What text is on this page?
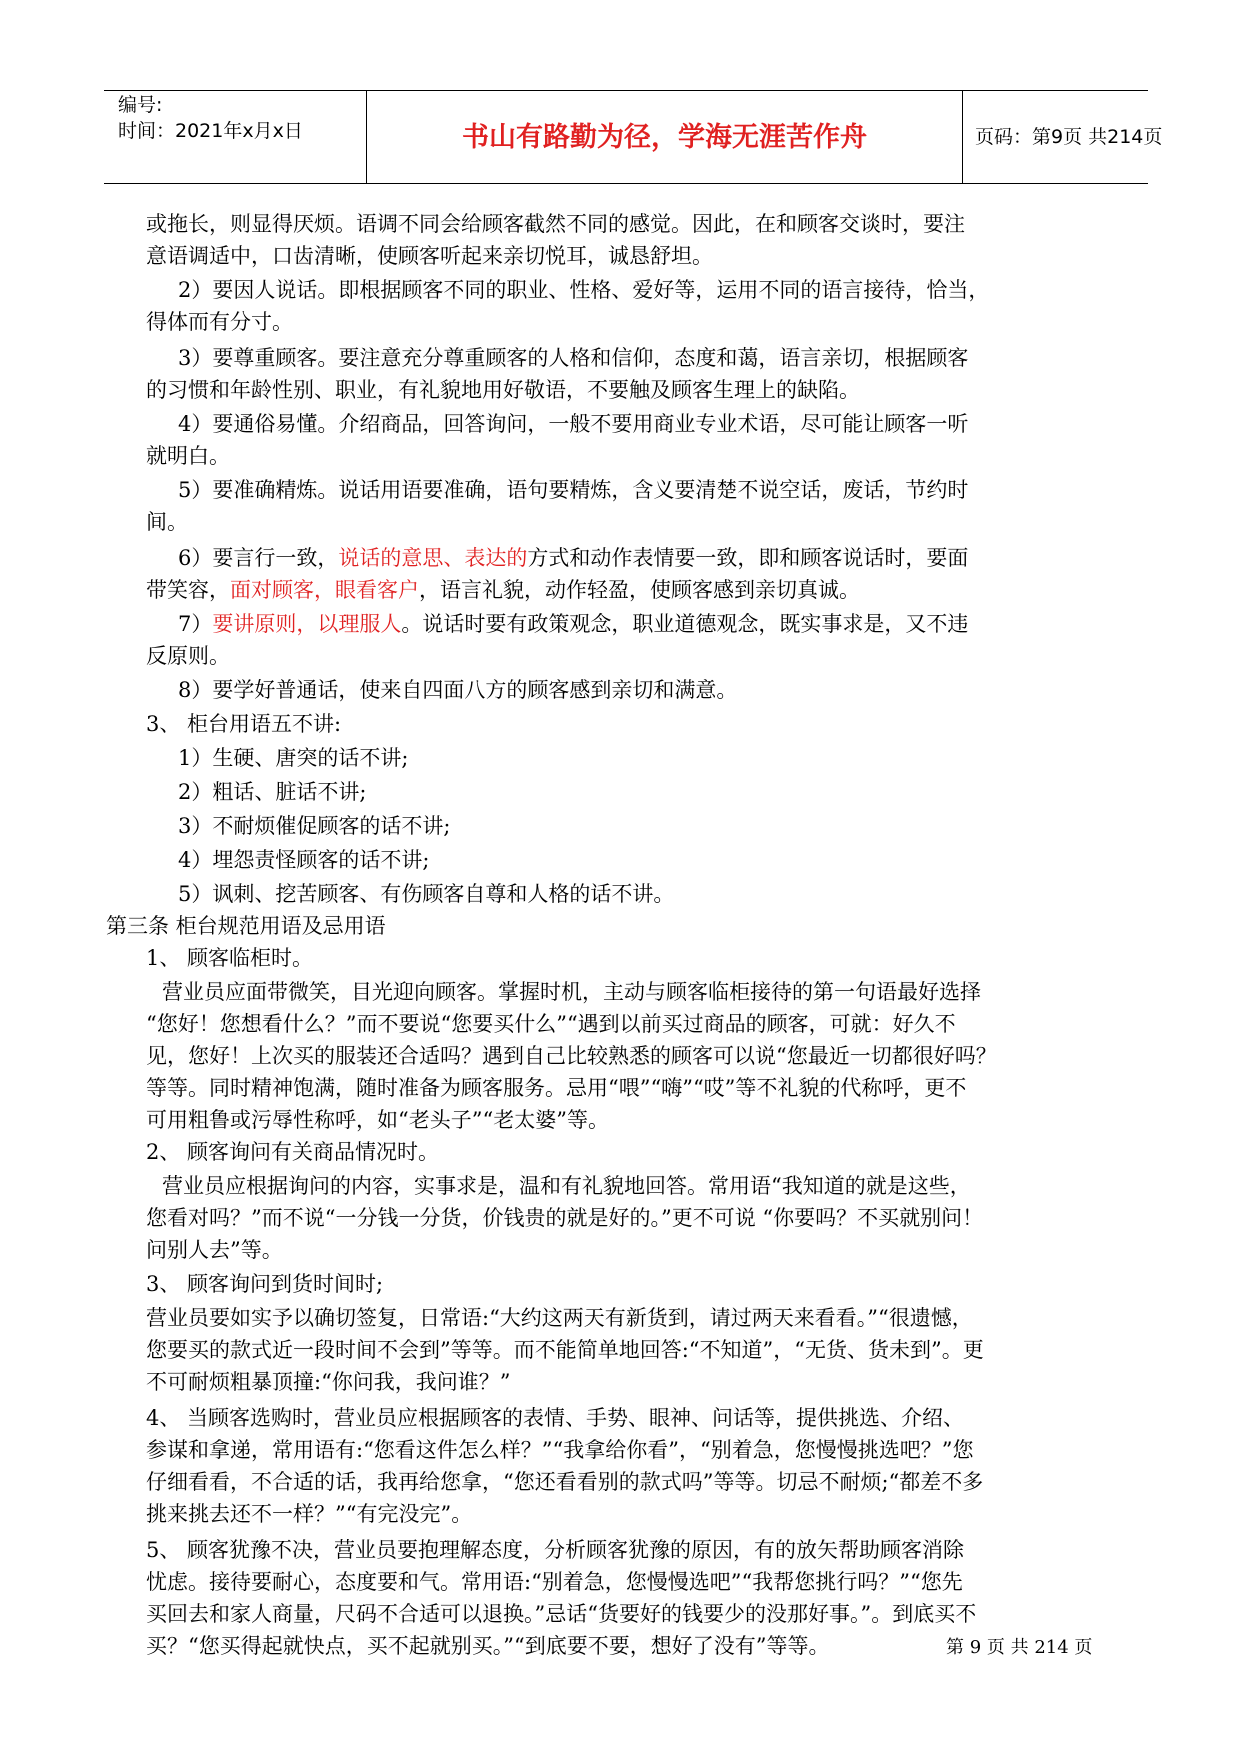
编号:
时间：2021年x月x日	书山有路勤为径，学海无涯苦作舟	页码：第9页 共214页
或拖长，则显得厌烦。语调不同会给顾客截然不同的感觉。因此，在和顾客交谈时，要注
意语调适中，口齿清晰，使顾客听起来亲切悦耳，诚恳舒坦。
2）要因人说话。即根据顾客不同的职业、性格、爱好等，运用不同的语言接待，恰当，
得体而有分寸。
3）要尊重顾客。要注意充分尊重顾客的人格和信仰，态度和蔼，语言亲切，根据顾客
的习惯和年龄性别、职业，有礼貌地用好敬语，不要触及顾客生理上的缺陷。
4）要通俗易懂。介绍商品，回答询问，一般不要用商业专业术语，尽可能让顾客一听
就明白。
5）要准确精炼。说话用语要准确，语句要精炼，含义要清楚不说空话，废话，节约时
间。
6）要言行一致，说话的意思、表达的方式和动作表情要一致，即和顾客说话时，要面
带笑容，面对顾客，眼看客户，语言礼貌，动作轻盈，使顾客感到亲切真诚。
7）要讲原则，以理服人。说话时要有政策观念，职业道德观念，既实事求是，又不违
反原则。
8）要学好普通话，使来自四面八方的顾客感到亲切和满意。
3、 柜台用语五不讲:
1）生硬、唐突的话不讲;
2）粗话、脏话不讲;
3）不耐烦催促顾客的话不讲;
4）埋怨责怪顾客的话不讲;
5）讽刺、挖苦顾客、有伤顾客自尊和人格的话不讲。
第三条 柜台规范用语及忌用语
1、 顾客临柜时。
营业员应面带微笑，目光迎向顾客。掌握时机，主动与顾客临柜接待的第一句语最好选择
“您好！您想看什么？”而不要说“您要买什么”“遇到以前买过商品的顾客，可就：好久不
见，您好！上次买的服装还合适吗？遇到自己比较熟悉的顾客可以说“您最近一切都很好吗？
等等。同时精神饱满，随时准备为顾客服务。忌用“喂”“嗨”“哎”等不礼貌的代称呼，更不
可用粗鲁或污辱性称呼，如“老头子”“老太婆”等。
2、 顾客询问有关商品情况时。
营业员应根据询问的内容，实事求是，温和有礼貌地回答。常用语“我知道的就是这些，
您看对吗？”而不说“一分钱一分货，价钱贵的就是好的。”更不可说 “你要吗？不买就别问！
问别人去”等。
3、 顾客询问到货时间时;
营业员要如实予以确切签复，日常语:“大约这两天有新货到，请过两天来看看。”“很遗憾，
您要买的款式近一段时间不会到”等等。而不能简单地回答:“不知道”，“无货、货未到”。更
不可耐烦粗暴顶撞:“你问我，我问谁？”
4、 当顾客选购时，营业员应根据顾客的表情、手势、眼神、问话等，提供挑选、介绍、
参谋和拿递，常用语有:“您看这件怎么样？”“我拿给你看”，“别着急，您慢慢挑选吧？”您
仔细看看，不合适的话，我再给您拿，“您还看看别的款式吗”等等。切忌不耐烦;“都差不多
挑来挑去还不一样？”“有完没完”。
5、 顾客犹豫不决，营业员要抱理解态度，分析顾客犹豫的原因，有的放矢帮助顾客消除
忧虑。接待要耐心，态度要和气。常用语:“别着急，您慢慢选吧”“我帮您挑行吗？”“您先
买回去和家人商量，尺码不合适可以退换。”忌话“货要好的钱要少的没那好事。”。到底买不
买？“您买得起就快点，买不起就别买。”“到底要不要，想好了没有”等等。	第 9 页 共 214 页
